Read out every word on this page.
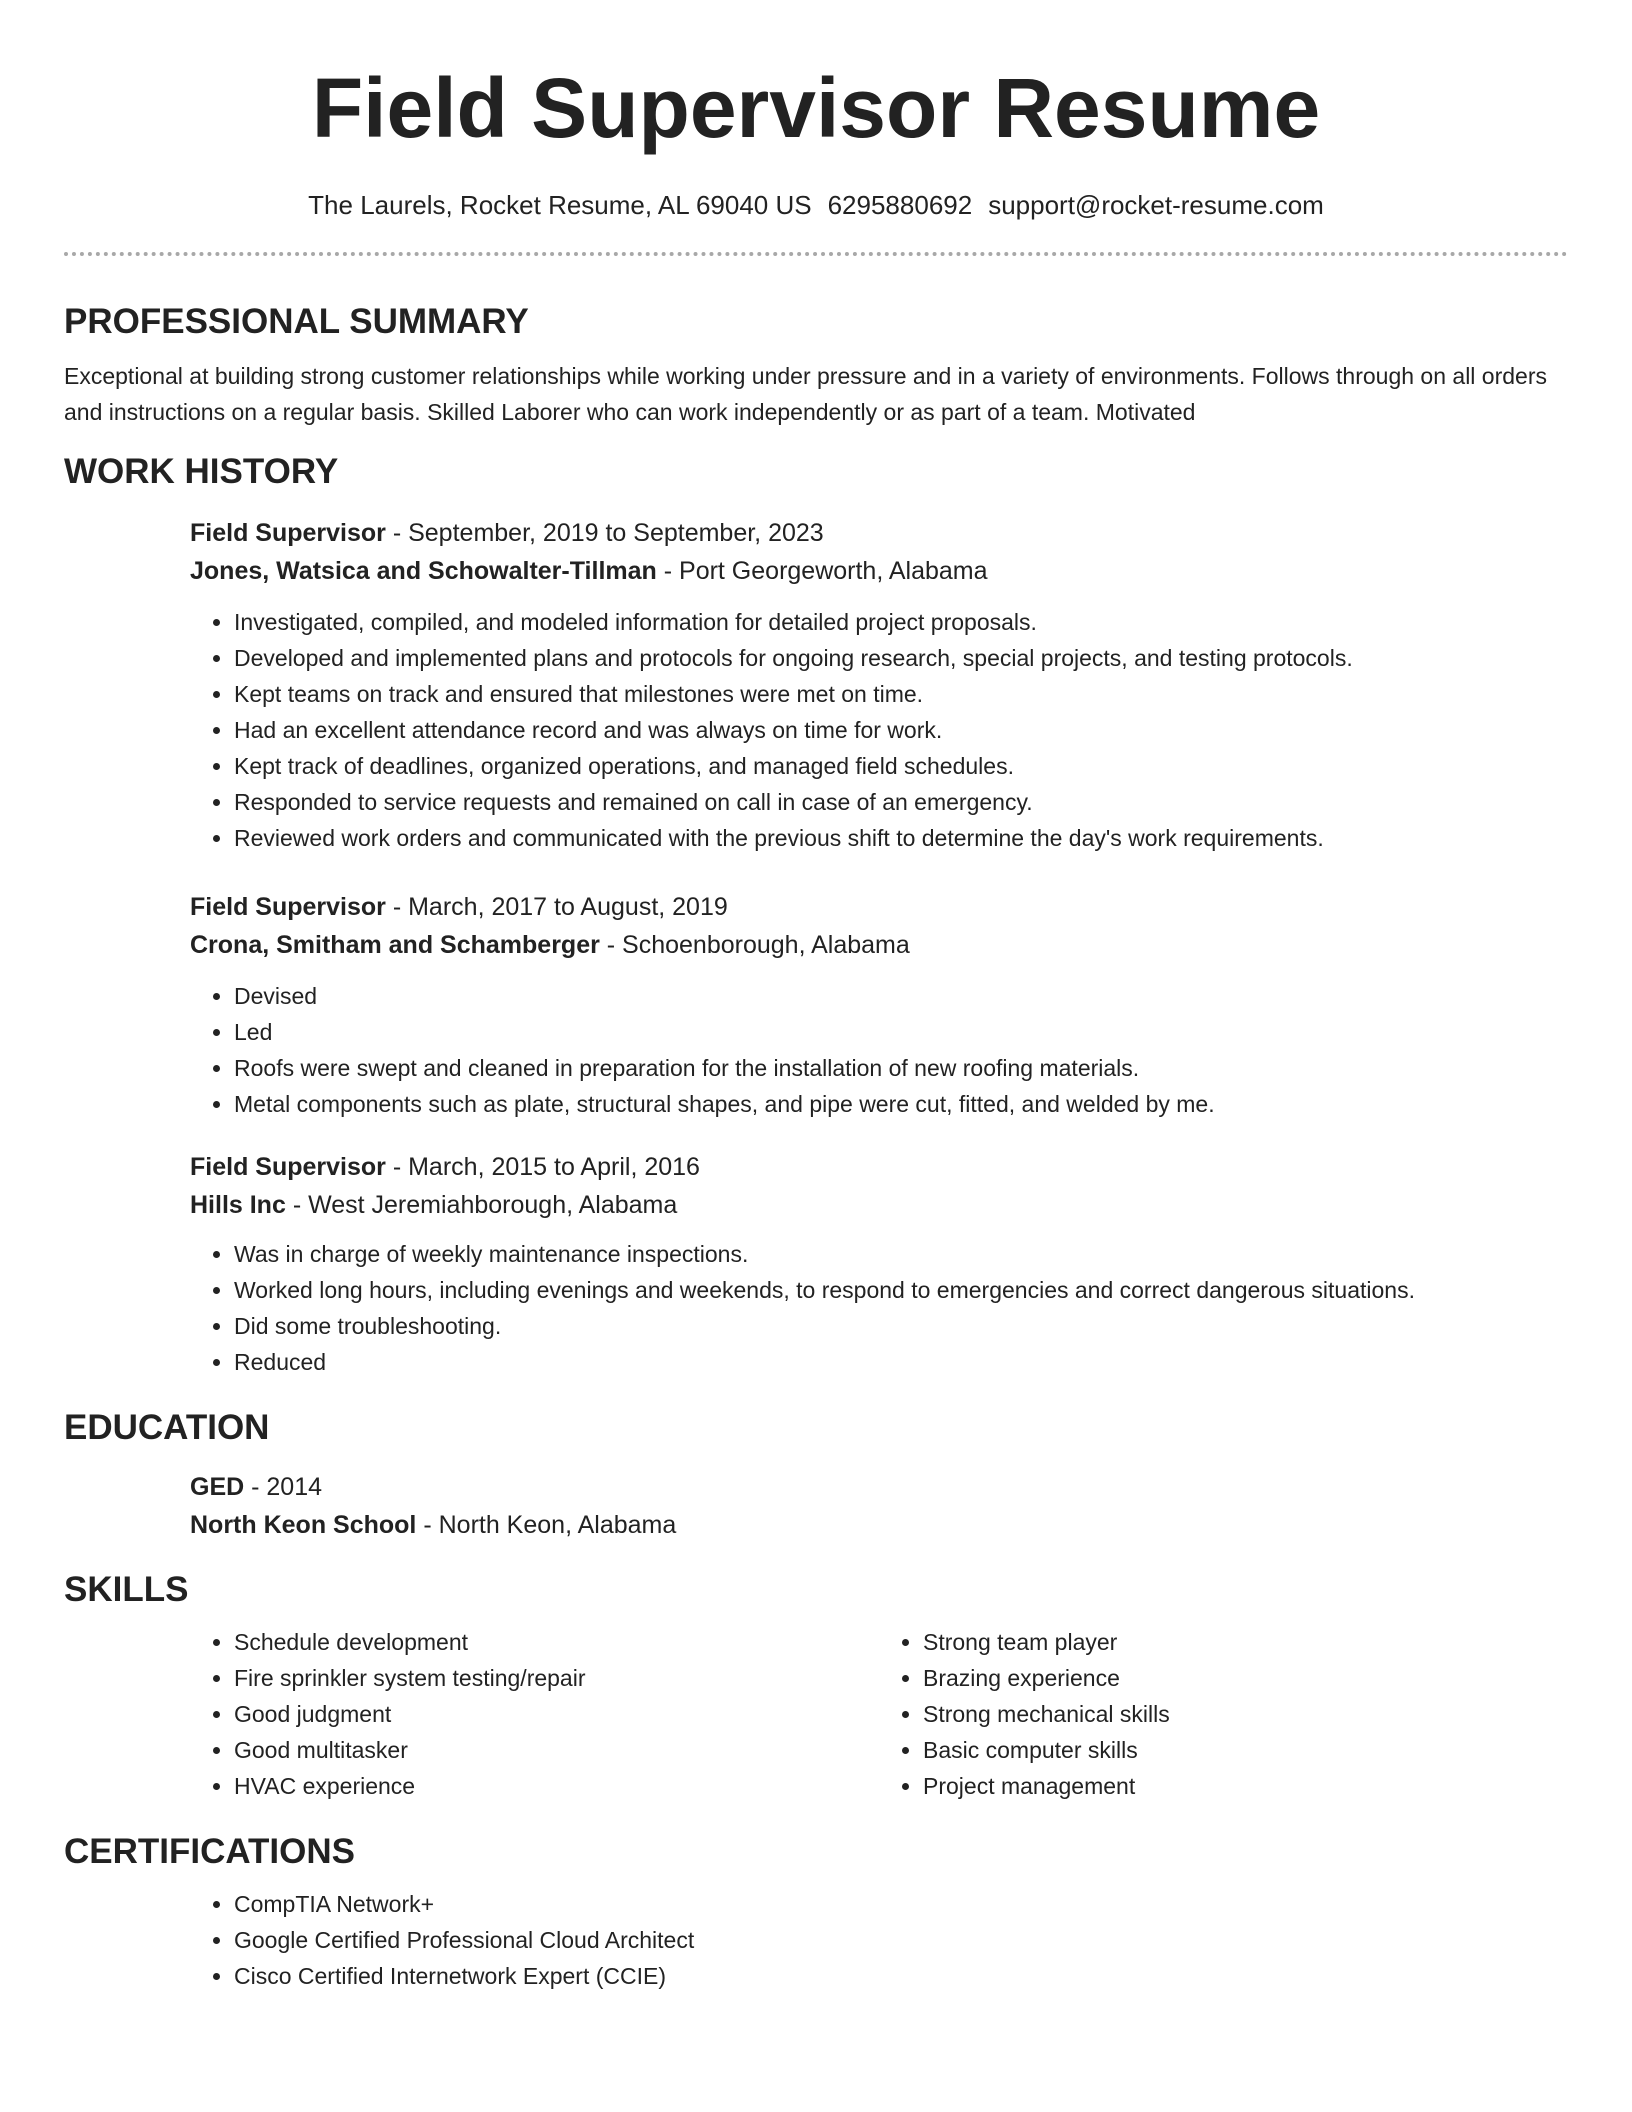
Field Supervisor Resume
The Laurels, Rocket Resume, AL 69040 US 6295880692 support@rocket-resume.com
PROFESSIONAL SUMMARY

Exceptional at building strong customer relationships while working under pressure and in a variety of environments. Follows through on all orders and instructions on a regular basis. Skilled Laborer who can work independently or as part of a team. Motivated

WORK HISTORY
Field Supervisor - September, 2019 to September, 2023
Jones, Watsica and Schowalter-Tillman - Port Georgeworth, Alabama
• Investigated, compiled, and modeled information for detailed project proposals.
• Developed and implemented plans and protocols for ongoing research, special projects, and testing protocols.
• Kept teams on track and ensured that milestones were met on time.
• Had an excellent attendance record and was always on time for work.
• Kept track of deadlines, organized operations, and managed field schedules.
• Responded to service requests and remained on call in case of an emergency.
• Reviewed work orders and communicated with the previous shift to determine the day's work requirements.
Field Supervisor - March, 2017 to August, 2019
Crona, Smitham and Schamberger - Schoenborough, Alabama
• Devised
• Led
• Roofs were swept and cleaned in preparation for the installation of new roofing materials.
• Metal components such as plate, structural shapes, and pipe were cut, fitted, and welded by me.
Field Supervisor - March, 2015 to April, 2016
Hills Inc - West Jeremiahborough, Alabama
• Was in charge of weekly maintenance inspections.
• Worked long hours, including evenings and weekends, to respond to emergencies and correct dangerous situations.
• Did some troubleshooting.
• Reduced
EDUCATION
GED - 2014
North Keon School - North Keon, Alabama
SKILLS
• Schedule development
• Fire sprinkler system testing/repair
• Good judgment
• Good multitasker
• HVAC experience
• Strong team player
• Brazing experience
• Strong mechanical skills
• Basic computer skills
• Project management
CERTIFICATIONS
• CompTIA Network+
• Google Certified Professional Cloud Architect
• Cisco Certified Internetwork Expert (CCIE)
